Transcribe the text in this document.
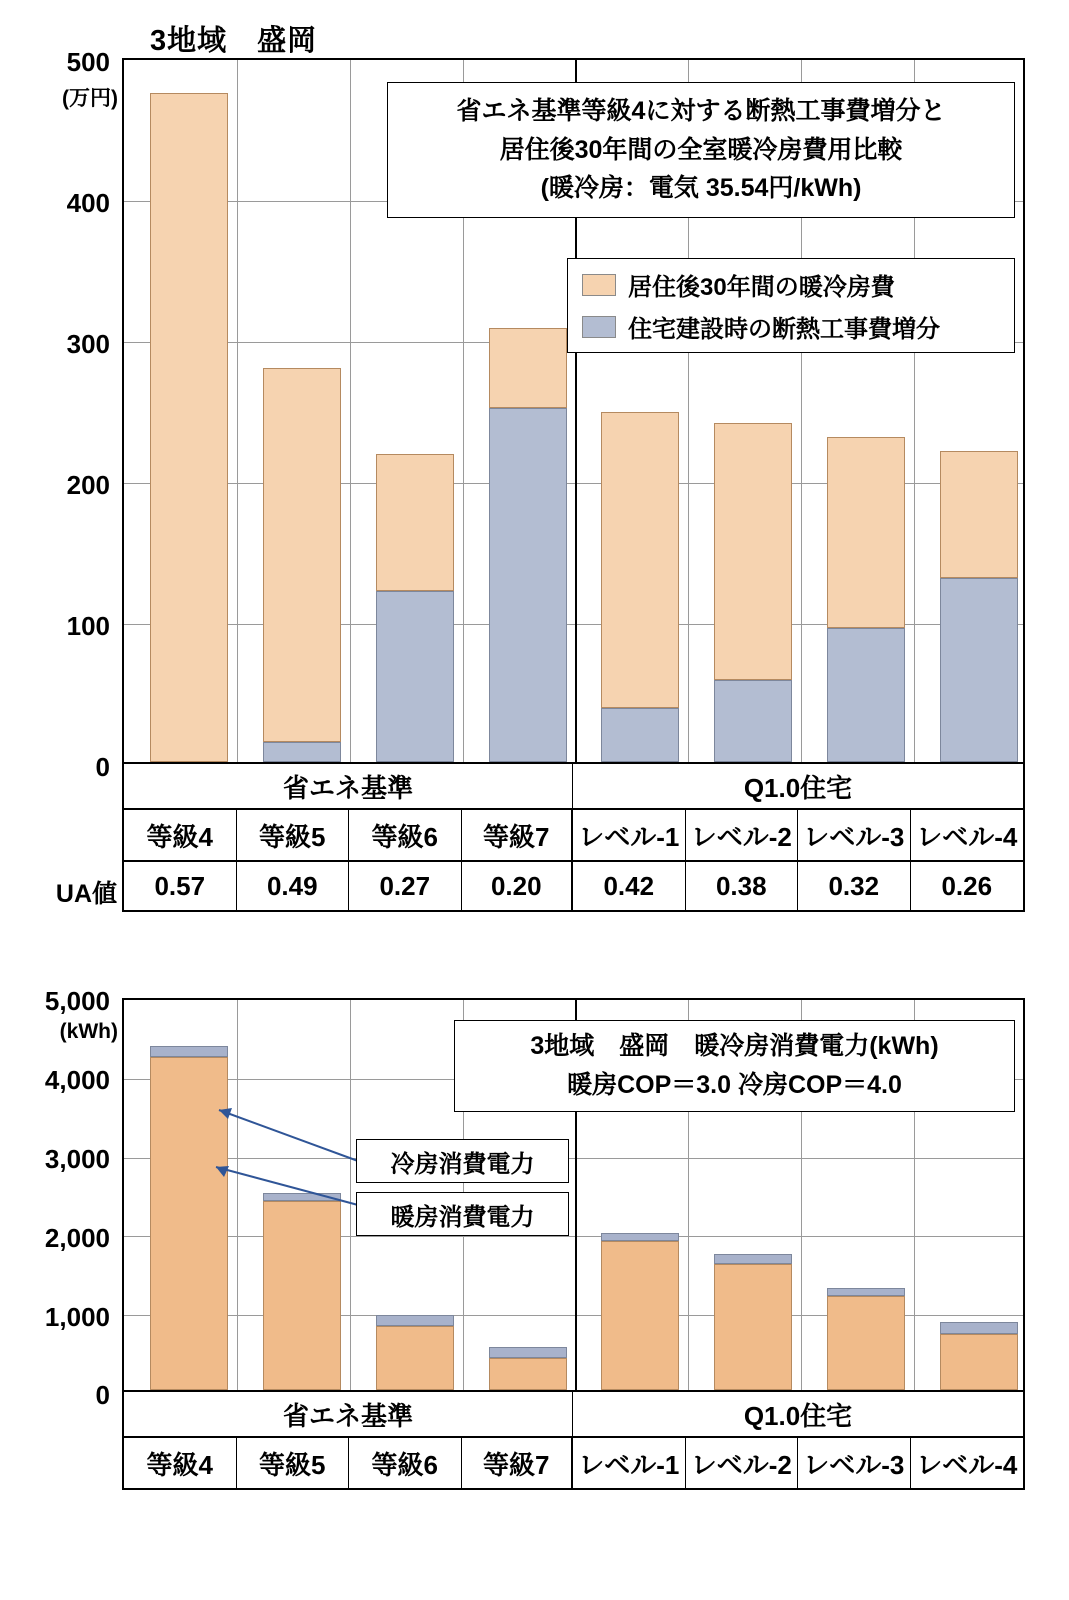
3地域　盛岡
500
(万円)
400
300
200
100
0
省エネ基準等級4に対する断熱工事費増分と
居住後30年間の全室暖冷房費用比較
(暖冷房：電気 35.54円/kWh)
居住後30年間の暖冷房費
住宅建設時の断熱工事費増分
省エネ基準	Q1.0住宅
等級4	等級5	等級6	等級7	レベル-1 レベル-2 レベル-3 レベル-4
UA値	0.57	0.49	0.27	0.20	0.42	0.38	0.32	0.26
5,000
(kWh)
4,000
3,000
2,000
1,000
0
3地域　盛岡　暖冷房消費電力(kWh)
暖房COP＝3.0 冷房COP＝4.0
冷房消費電力
暖房消費電力
省エネ基準	Q1.0住宅
等級4	等級5	等級6	等級7	レベル-1 レベル-2 レベル-3 レベル-4
